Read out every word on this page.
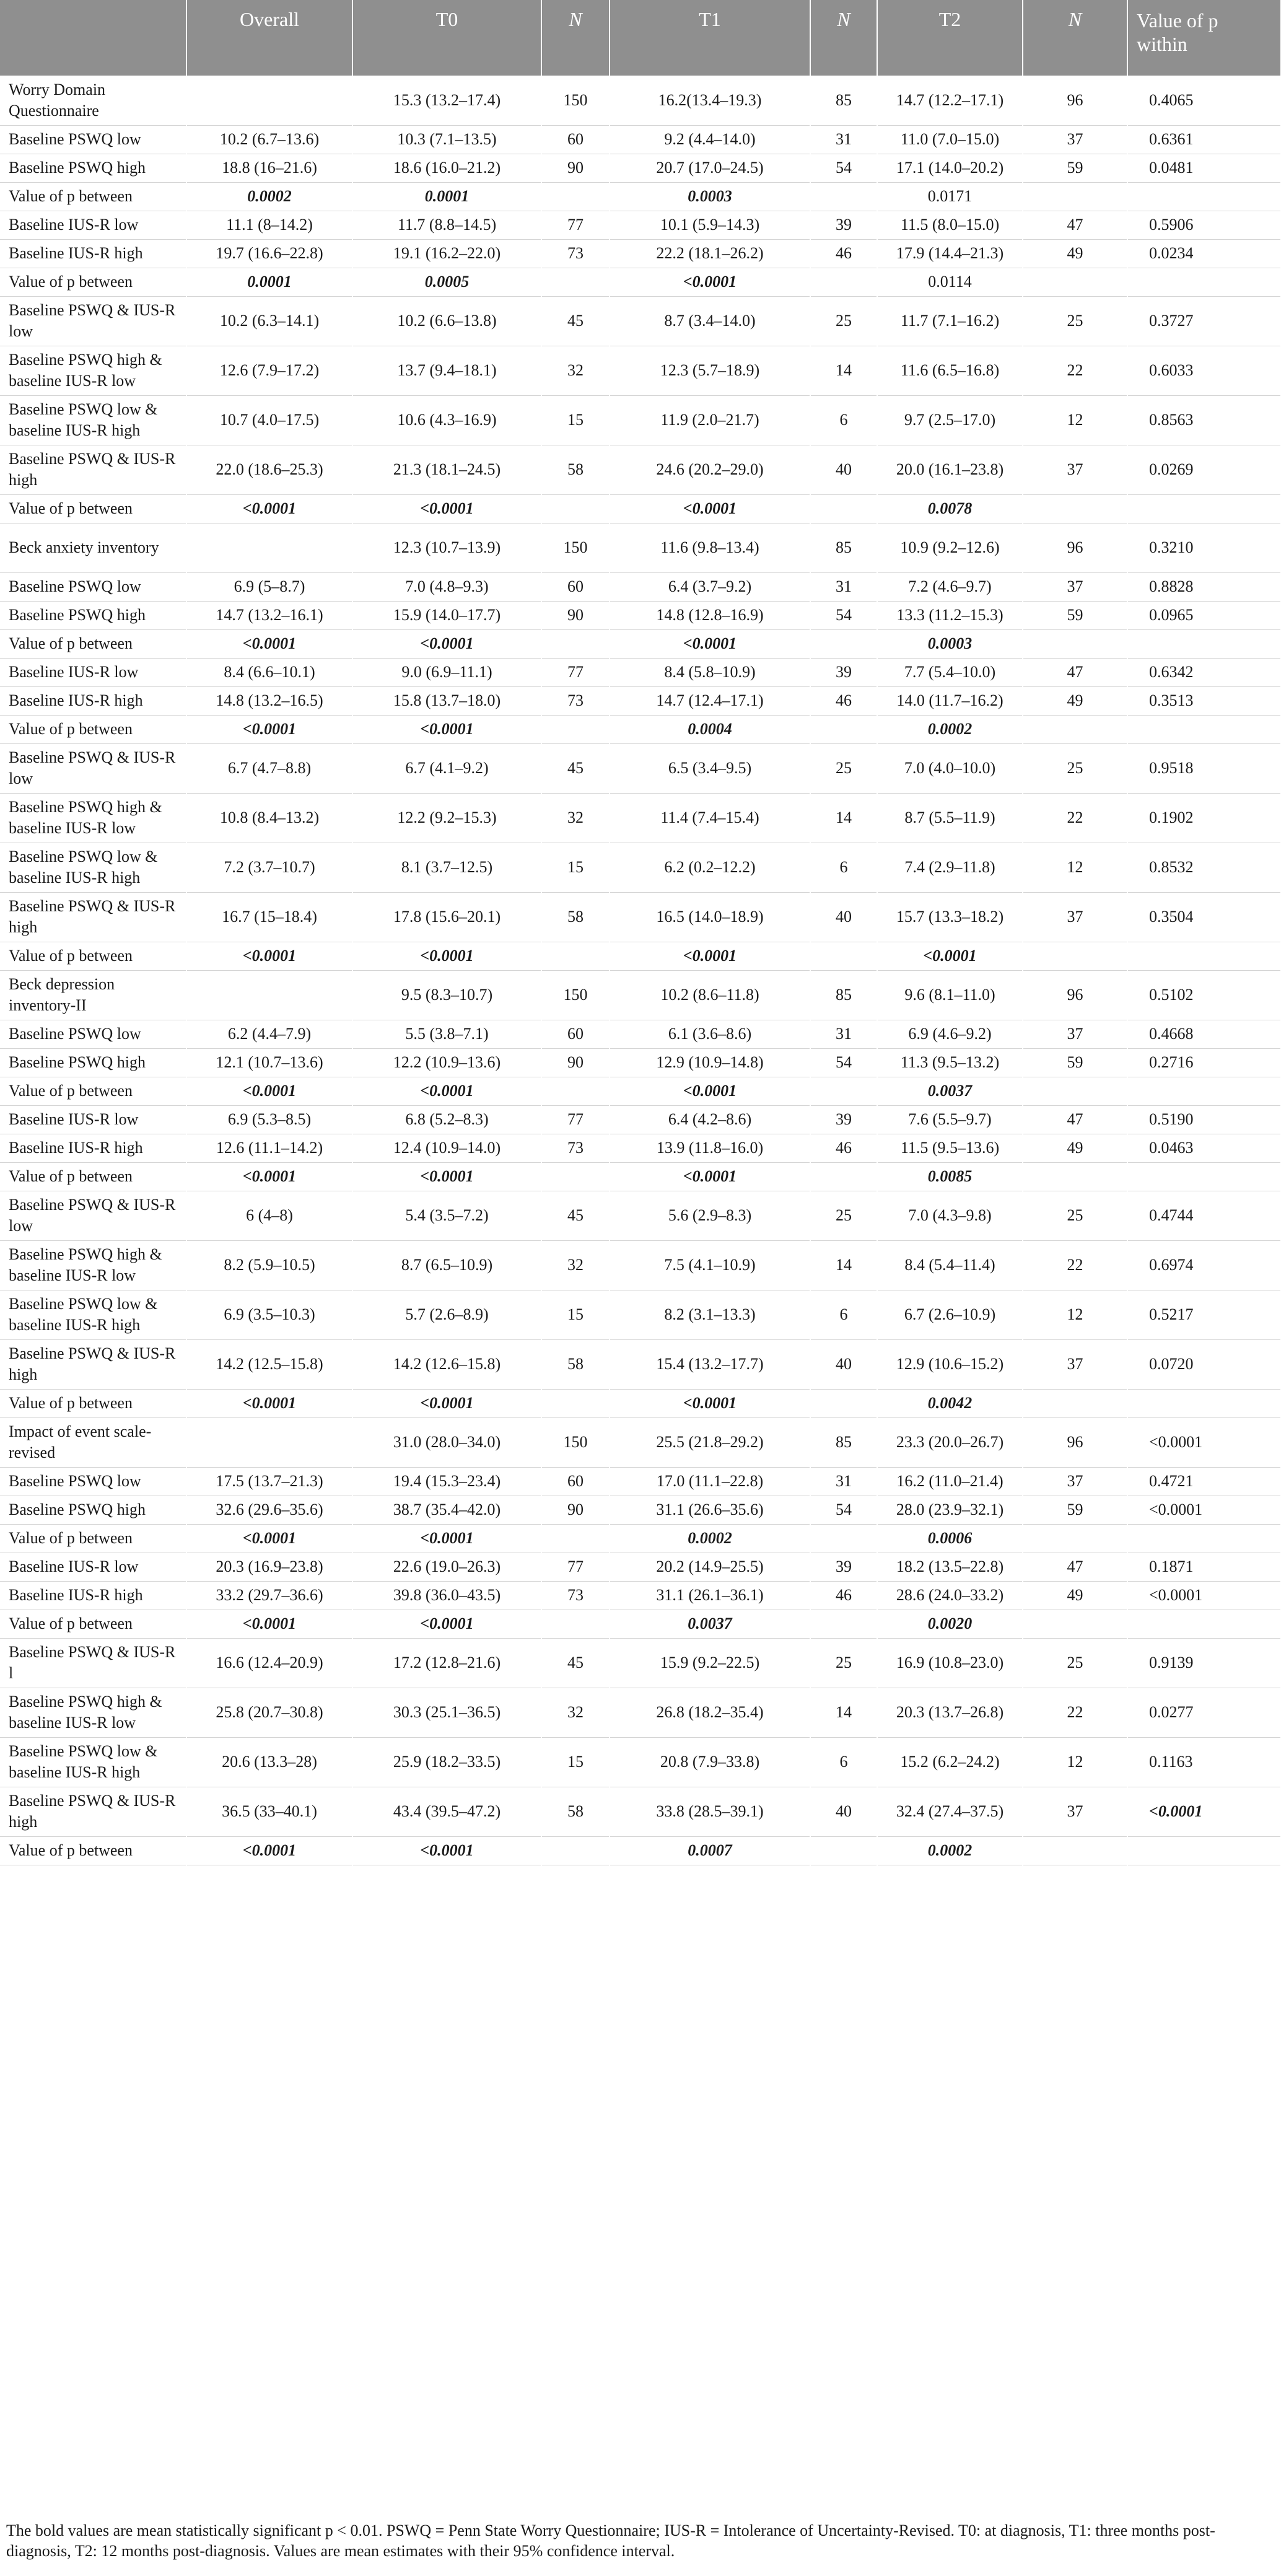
	Overall	T0	N	T1	N	T2	N	Value of p within
Worry Domain Questionnaire		15.3 (13.2–17.4)	150	16.2(13.4–19.3)	85	14.7 (12.2–17.1)	96	0.4065
Baseline PSWQ low	10.2 (6.7–13.6)	10.3 (7.1–13.5)	60	9.2 (4.4–14.0)	31	11.0 (7.0–15.0)	37	0.6361
Baseline PSWQ high	18.8 (16–21.6)	18.6 (16.0–21.2)	90	20.7 (17.0–24.5)	54	17.1 (14.0–20.2)	59	0.0481
Value of p between	0.0002	0.0001		0.0003		0.0171		
Baseline IUS-R low	11.1 (8–14.2)	11.7 (8.8–14.5)	77	10.1 (5.9–14.3)	39	11.5 (8.0–15.0)	47	0.5906
Baseline IUS-R high	19.7 (16.6–22.8)	19.1 (16.2–22.0)	73	22.2 (18.1–26.2)	46	17.9 (14.4–21.3)	49	0.0234
Value of p between	0.0001	0.0005		<0.0001		0.0114		
Baseline PSWQ & IUS-R low	10.2 (6.3–14.1)	10.2 (6.6–13.8)	45	8.7 (3.4–14.0)	25	11.7 (7.1–16.2)	25	0.3727
Baseline PSWQ high & baseline IUS-R low	12.6 (7.9–17.2)	13.7 (9.4–18.1)	32	12.3 (5.7–18.9)	14	11.6 (6.5–16.8)	22	0.6033
Baseline PSWQ low & baseline IUS-R high	10.7 (4.0–17.5)	10.6 (4.3–16.9)	15	11.9 (2.0–21.7)	6	9.7 (2.5–17.0)	12	0.8563
Baseline PSWQ & IUS-R high	22.0 (18.6–25.3)	21.3 (18.1–24.5)	58	24.6 (20.2–29.0)	40	20.0 (16.1–23.8)	37	0.0269
Value of p between	<0.0001	<0.0001		<0.0001		0.0078		
Beck anxiety inventory		12.3 (10.7–13.9)	150	11.6 (9.8–13.4)	85	10.9 (9.2–12.6)	96	0.3210
Baseline PSWQ low	6.9 (5–8.7)	7.0 (4.8–9.3)	60	6.4 (3.7–9.2)	31	7.2 (4.6–9.7)	37	0.8828
Baseline PSWQ high	14.7 (13.2–16.1)	15.9 (14.0–17.7)	90	14.8 (12.8–16.9)	54	13.3 (11.2–15.3)	59	0.0965
Value of p between	<0.0001	<0.0001		<0.0001		0.0003		
Baseline IUS-R low	8.4 (6.6–10.1)	9.0 (6.9–11.1)	77	8.4 (5.8–10.9)	39	7.7 (5.4–10.0)	47	0.6342
Baseline IUS-R high	14.8 (13.2–16.5)	15.8 (13.7–18.0)	73	14.7 (12.4–17.1)	46	14.0 (11.7–16.2)	49	0.3513
Value of p between	<0.0001	<0.0001		0.0004		0.0002		
Baseline PSWQ & IUS-R low	6.7 (4.7–8.8)	6.7 (4.1–9.2)	45	6.5 (3.4–9.5)	25	7.0 (4.0–10.0)	25	0.9518
Baseline PSWQ high & baseline IUS-R low	10.8 (8.4–13.2)	12.2 (9.2–15.3)	32	11.4 (7.4–15.4)	14	8.7 (5.5–11.9)	22	0.1902
Baseline PSWQ low & baseline IUS-R high	7.2 (3.7–10.7)	8.1 (3.7–12.5)	15	6.2 (0.2–12.2)	6	7.4 (2.9–11.8)	12	0.8532
Baseline PSWQ & IUS-R high	16.7 (15–18.4)	17.8 (15.6–20.1)	58	16.5 (14.0–18.9)	40	15.7 (13.3–18.2)	37	0.3504
Value of p between	<0.0001	<0.0001		<0.0001		<0.0001		
Beck depression inventory-II		9.5 (8.3–10.7)	150	10.2 (8.6–11.8)	85	9.6 (8.1–11.0)	96	0.5102
Baseline PSWQ low	6.2 (4.4–7.9)	5.5 (3.8–7.1)	60	6.1 (3.6–8.6)	31	6.9 (4.6–9.2)	37	0.4668
Baseline PSWQ high	12.1 (10.7–13.6)	12.2 (10.9–13.6)	90	12.9 (10.9–14.8)	54	11.3 (9.5–13.2)	59	0.2716
Value of p between	<0.0001	<0.0001		<0.0001		0.0037		
Baseline IUS-R low	6.9 (5.3–8.5)	6.8 (5.2–8.3)	77	6.4 (4.2–8.6)	39	7.6 (5.5–9.7)	47	0.5190
Baseline IUS-R high	12.6 (11.1–14.2)	12.4 (10.9–14.0)	73	13.9 (11.8–16.0)	46	11.5 (9.5–13.6)	49	0.0463
Value of p between	<0.0001	<0.0001		<0.0001		0.0085		
Baseline PSWQ & IUS-R low	6 (4–8)	5.4 (3.5–7.2)	45	5.6 (2.9–8.3)	25	7.0 (4.3–9.8)	25	0.4744
Baseline PSWQ high & baseline IUS-R low	8.2 (5.9–10.5)	8.7 (6.5–10.9)	32	7.5 (4.1–10.9)	14	8.4 (5.4–11.4)	22	0.6974
Baseline PSWQ low & baseline IUS-R high	6.9 (3.5–10.3)	5.7 (2.6–8.9)	15	8.2 (3.1–13.3)	6	6.7 (2.6–10.9)	12	0.5217
Baseline PSWQ & IUS-R high	14.2 (12.5–15.8)	14.2 (12.6–15.8)	58	15.4 (13.2–17.7)	40	12.9 (10.6–15.2)	37	0.0720
Value of p between	<0.0001	<0.0001		<0.0001		0.0042		
Impact of event scale-revised		31.0 (28.0–34.0)	150	25.5 (21.8–29.2)	85	23.3 (20.0–26.7)	96	<0.0001
Baseline PSWQ low	17.5 (13.7–21.3)	19.4 (15.3–23.4)	60	17.0 (11.1–22.8)	31	16.2 (11.0–21.4)	37	0.4721
Baseline PSWQ high	32.6 (29.6–35.6)	38.7 (35.4–42.0)	90	31.1 (26.6–35.6)	54	28.0 (23.9–32.1)	59	<0.0001
Value of p between	<0.0001	<0.0001		0.0002		0.0006		
Baseline IUS-R low	20.3 (16.9–23.8)	22.6 (19.0–26.3)	77	20.2 (14.9–25.5)	39	18.2 (13.5–22.8)	47	0.1871
Baseline IUS-R high	33.2 (29.7–36.6)	39.8 (36.0–43.5)	73	31.1 (26.1–36.1)	46	28.6 (24.0–33.2)	49	<0.0001
Value of p between	<0.0001	<0.0001		0.0037		0.0020		
Baseline PSWQ & IUS-R l	16.6 (12.4–20.9)	17.2 (12.8–21.6)	45	15.9 (9.2–22.5)	25	16.9 (10.8–23.0)	25	0.9139
Baseline PSWQ high & baseline IUS-R low	25.8 (20.7–30.8)	30.3 (25.1–36.5)	32	26.8 (18.2–35.4)	14	20.3 (13.7–26.8)	22	0.0277
Baseline PSWQ low & baseline IUS-R high	20.6 (13.3–28)	25.9 (18.2–33.5)	15	20.8 (7.9–33.8)	6	15.2 (6.2–24.2)	12	0.1163
Baseline PSWQ & IUS-R high	36.5 (33–40.1)	43.4 (39.5–47.2)	58	33.8 (28.5–39.1)	40	32.4 (27.4–37.5)	37	<0.0001
Value of p between	<0.0001	<0.0001		0.0007		0.0002		
The bold values are mean statistically significant p < 0.01. PSWQ = Penn State Worry Questionnaire; IUS-R = Intolerance of Uncertainty-Revised. T0: at diagnosis, T1: three months post-diagnosis, T2: 12 months post-diagnosis. Values are mean estimates with their 95% confidence interval.
